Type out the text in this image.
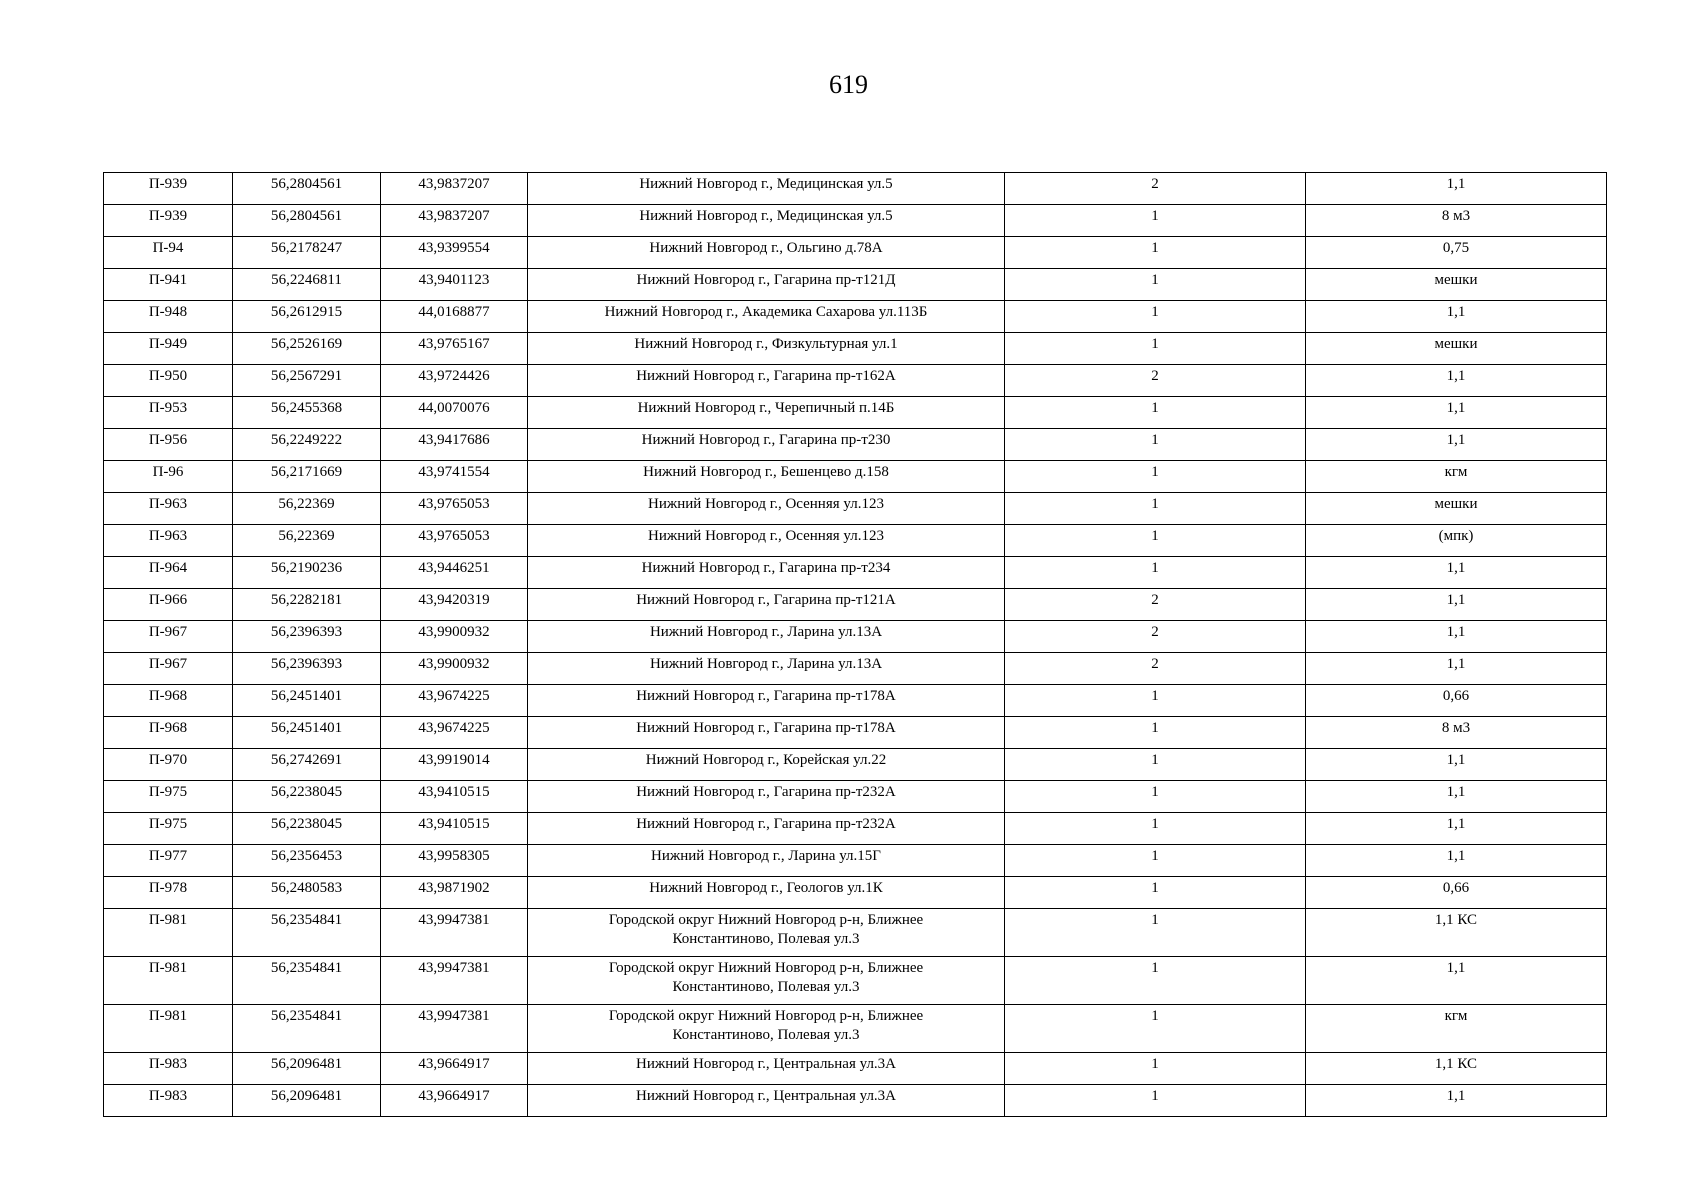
619
П-939	56,2804561	43,9837207	Нижний Новгород г., Медицинская ул.5	2	1,1
П-939	56,2804561	43,9837207	Нижний Новгород г., Медицинская ул.5	1	8 м3
П-94	56,2178247	43,9399554	Нижний Новгород г., Ольгино д.78А	1	0,75
П-941	56,2246811	43,9401123	Нижний Новгород г., Гагарина пр-т121Д	1	мешки
П-948	56,2612915	44,0168877	Нижний Новгород г., Академика Сахарова ул.113Б	1	1,1
П-949	56,2526169	43,9765167	Нижний Новгород г., Физкультурная ул.1	1	мешки
П-950	56,2567291	43,9724426	Нижний Новгород г., Гагарина пр-т162А	2	1,1
П-953	56,2455368	44,0070076	Нижний Новгород г., Черепичный п.14Б	1	1,1
П-956	56,2249222	43,9417686	Нижний Новгород г., Гагарина пр-т230	1	1,1
П-96	56,2171669	43,9741554	Нижний Новгород г., Бешенцево д.158	1	кгм
П-963	56,22369	43,9765053	Нижний Новгород г., Осенняя ул.123	1	мешки
П-963	56,22369	43,9765053	Нижний Новгород г., Осенняя ул.123	1	(мпк)
П-964	56,2190236	43,9446251	Нижний Новгород г., Гагарина пр-т234	1	1,1
П-966	56,2282181	43,9420319	Нижний Новгород г., Гагарина пр-т121А	2	1,1
П-967	56,2396393	43,9900932	Нижний Новгород г., Ларина ул.13А	2	1,1
П-967	56,2396393	43,9900932	Нижний Новгород г., Ларина ул.13А	2	1,1
П-968	56,2451401	43,9674225	Нижний Новгород г., Гагарина пр-т178А	1	0,66
П-968	56,2451401	43,9674225	Нижний Новгород г., Гагарина пр-т178А	1	8 м3
П-970	56,2742691	43,9919014	Нижний Новгород г., Корейская ул.22	1	1,1
П-975	56,2238045	43,9410515	Нижний Новгород г., Гагарина пр-т232А	1	1,1
П-975	56,2238045	43,9410515	Нижний Новгород г., Гагарина пр-т232А	1	1,1
П-977	56,2356453	43,9958305	Нижний Новгород г., Ларина ул.15Г	1	1,1
П-978	56,2480583	43,9871902	Нижний Новгород г., Геологов ул.1К	1	0,66
П-981	56,2354841	43,9947381	Городской округ Нижний Новгород р-н, Ближнее Константиново, Полевая ул.3	1	1,1 КС
П-981	56,2354841	43,9947381	Городской округ Нижний Новгород р-н, Ближнее Константиново, Полевая ул.3	1	1,1
П-981	56,2354841	43,9947381	Городской округ Нижний Новгород р-н, Ближнее Константиново, Полевая ул.3	1	кгм
П-983	56,2096481	43,9664917	Нижний Новгород г., Центральная ул.3А	1	1,1 КС
П-983	56,2096481	43,9664917	Нижний Новгород г., Центральная ул.3А	1	1,1
